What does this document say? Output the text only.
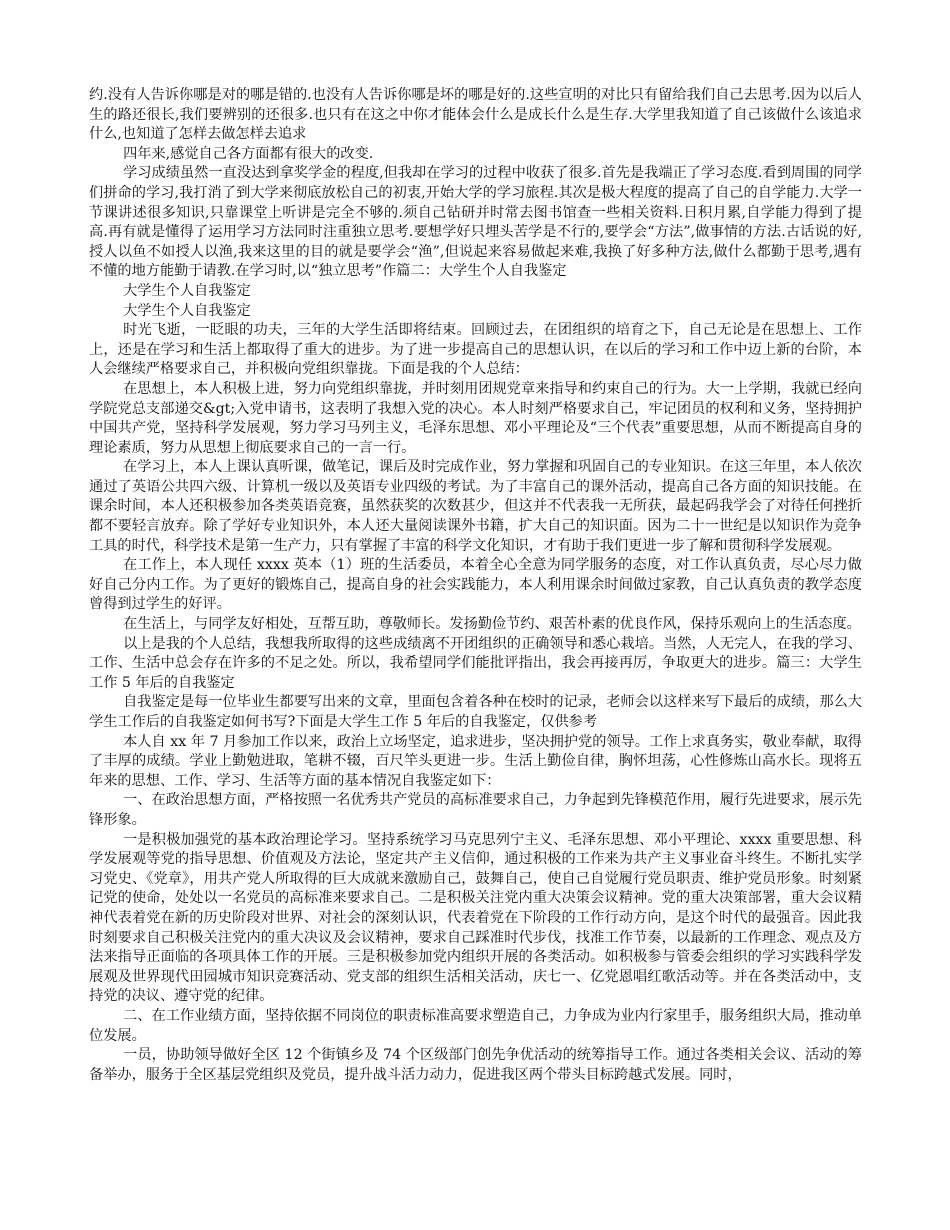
约.没有人告诉你哪是对的哪是错的.也没有人告诉你哪是坏的哪是好的.这些宣明的对比只有留给我们自己去思考.因为以后人生的路还很长,我们要辨别的还很多.也只有在这之中你才能体会什么是成长什么是生存.大学里我知道了自己该做什么该追求什么,也知道了怎样去做怎样去追求

四年来,感觉自己各方面都有很大的改变.

学习成绩虽然一直没达到拿奖学金的程度,但我却在学习的过程中收获了很多.首先是我端正了学习态度.看到周围的同学们拼命的学习,我打消了到大学来彻底放松自己的初衷,开始大学的学习旅程.其次是极大程度的提高了自己的自学能力.大学一节课讲述很多知识,只靠课堂上听讲是完全不够的.须自己钻研并时常去图书馆查一些相关资料.日积月累,自学能力得到了提高.再有就是懂得了运用学习方法同时注重独立思考.要想学好只埋头苦学是不行的,要学会“方法”,做事情的方法.古话说的好,授人以鱼不如授人以渔,我来这里的目的就是要学会“渔”,但说起来容易做起来难,我换了好多种方法,做什么都勤于思考,遇有不懂的地方能勤于请教.在学习时,以“独立思考”作篇二：大学生个人自我鉴定

大学生个人自我鉴定

大学生个人自我鉴定

时光飞逝，一眨眼的功夫，三年的大学生活即将结束。回顾过去，在团组织的培育之下，自己无论是在思想上、工作上，还是在学习和生活上都取得了重大的进步。为了进一步提高自己的思想认识，在以后的学习和工作中迈上新的台阶，本人会继续严格要求自己，并积极向党组织靠拢。下面是我的个人总结：

在思想上，本人积极上进，努力向党组织靠拢，并时刻用团规党章来指导和约束自己的行为。大一上学期，我就已经向学院党总支部递交&gt;入党申请书，这表明了我想入党的决心。本人时刻严格要求自己，牢记团员的权利和义务，坚持拥护中国共产党，坚持科学发展观，努力学习马列主义，毛泽东思想、邓小平理论及“三个代表”重要思想，从而不断提高自身的理论素质，努力从思想上彻底要求自己的一言一行。

在学习上，本人上课认真听课，做笔记，课后及时完成作业，努力掌握和巩固自己的专业知识。在这三年里，本人依次通过了英语公共四六级、计算机一级以及英语专业四级的考试。为了丰富自己的课外活动，提高自己各方面的知识技能。在课余时间，本人还积极参加各类英语竞赛，虽然获奖的次数甚少，但这并不代表我一无所获，最起码我学会了对待任何挫折都不要轻言放弃。除了学好专业知识外，本人还大量阅读课外书籍，扩大自己的知识面。因为二十一世纪是以知识作为竞争工具的时代，科学技术是第一生产力，只有掌握了丰富的科学文化知识，才有助于我们更进一步了解和贯彻科学发展观。

在工作上，本人现任 xxxx 英本（1）班的生活委员，本着全心全意为同学服务的态度，对工作认真负责，尽心尽力做好自己分内工作。为了更好的锻炼自己，提高自身的社会实践能力，本人利用课余时间做过家教，自己认真负责的教学态度曾得到过学生的好评。

在生活上，与同学友好相处，互帮互助，尊敬师长。发扬勤俭节约、艰苦朴素的优良作风，保持乐观向上的生活态度。

以上是我的个人总结，我想我所取得的这些成绩离不开团组织的正确领导和悉心栽培。当然，人无完人，在我的学习、工作、生活中总会存在许多的不足之处。所以，我希望同学们能批评指出，我会再接再厉，争取更大的进步。篇三：大学生工作 5 年后的自我鉴定

自我鉴定是每一位毕业生都要写出来的文章，里面包含着各种在校时的记录，老师会以这样来写下最后的成绩，那么大学生工作后的自我鉴定如何书写?下面是大学生工作 5 年后的自我鉴定，仅供参考

本人自 xx 年 7 月参加工作以来，政治上立场坚定，追求进步，坚决拥护党的领导。工作上求真务实，敬业奉献，取得了丰厚的成绩。学业上勤勉进取，笔耕不辍，百尺竿头更进一步。生活上勤俭自律，胸怀坦荡，心性修炼山高水长。现将五年来的思想、工作、学习、生活等方面的基本情况自我鉴定如下：

一、在政治思想方面，严格按照一名优秀共产党员的高标准要求自己，力争起到先锋模范作用，履行先进要求，展示先锋形象。

一是积极加强党的基本政治理论学习。坚持系统学习马克思列宁主义、毛泽东思想、邓小平理论、xxxx 重要思想、科学发展观等党的指导思想、价值观及方法论，坚定共产主义信仰，通过积极的工作来为共产主义事业奋斗终生。不断扎实学习党史、《党章》，用共产党人所取得的巨大成就来激励自己，鼓舞自己，使自己自觉履行党员职责、维护党员形象。时刻紧记党的使命，处处以一名党员的高标准来要求自己。二是积极关注党内重大决策会议精神。党的重大决策部署，重大会议精神代表着党在新的历史阶段对世界、对社会的深刻认识，代表着党在下阶段的工作行动方向，是这个时代的最强音。因此我时刻要求自己积极关注党内的重大决议及会议精神，要求自己踩准时代步伐，找准工作节奏，以最新的工作理念、观点及方法来指导正面临的各项具体工作的开展。三是积极参加党内组织开展的各类活动。如积极参与管委会组织的学习实践科学发展观及世界现代田园城市知识竞赛活动、党支部的组织生活相关活动，庆七一、亿党恩唱红歌活动等。并在各类活动中，支持党的决议、遵守党的纪律。

二、在工作业绩方面，坚持依据不同岗位的职责标准高要求塑造自己，力争成为业内行家里手，服务组织大局，推动单位发展。

一员，协助领导做好全区 12 个街镇乡及 74 个区级部门创先争优活动的统筹指导工作。通过各类相关会议、活动的筹备举办，服务于全区基层党组织及党员，提升战斗活力动力，促进我区两个带头目标跨越式发展。同时，
